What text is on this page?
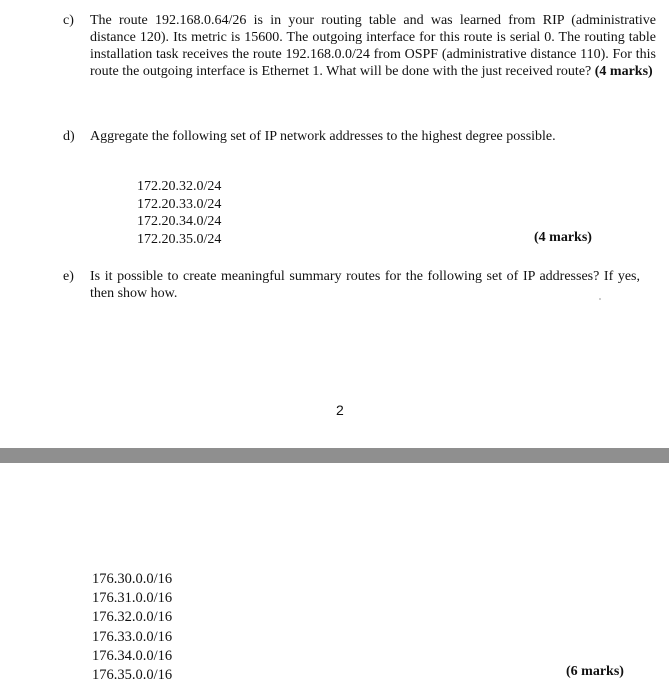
c) The route 192.168.0.64/26 is in your routing table and was learned from RIP (administrative distance 120). Its metric is 15600. The outgoing interface for this route is serial 0. The routing table installation task receives the route 192.168.0.0/24 from OSPF (administrative distance 110). For this route the outgoing interface is Ethernet 1. What will be done with the just received route? (4 marks)
d) Aggregate the following set of IP network addresses to the highest degree possible.
172.20.32.0/24
172.20.33.0/24
172.20.34.0/24
172.20.35.0/24	(4 marks)
e) Is it possible to create meaningful summary routes for the following set of IP addresses? If yes, then show how.
2
176.30.0.0/16
176.31.0.0/16
176.32.0.0/16
176.33.0.0/16
176.34.0.0/16
176.35.0.0/16	(6 marks)
